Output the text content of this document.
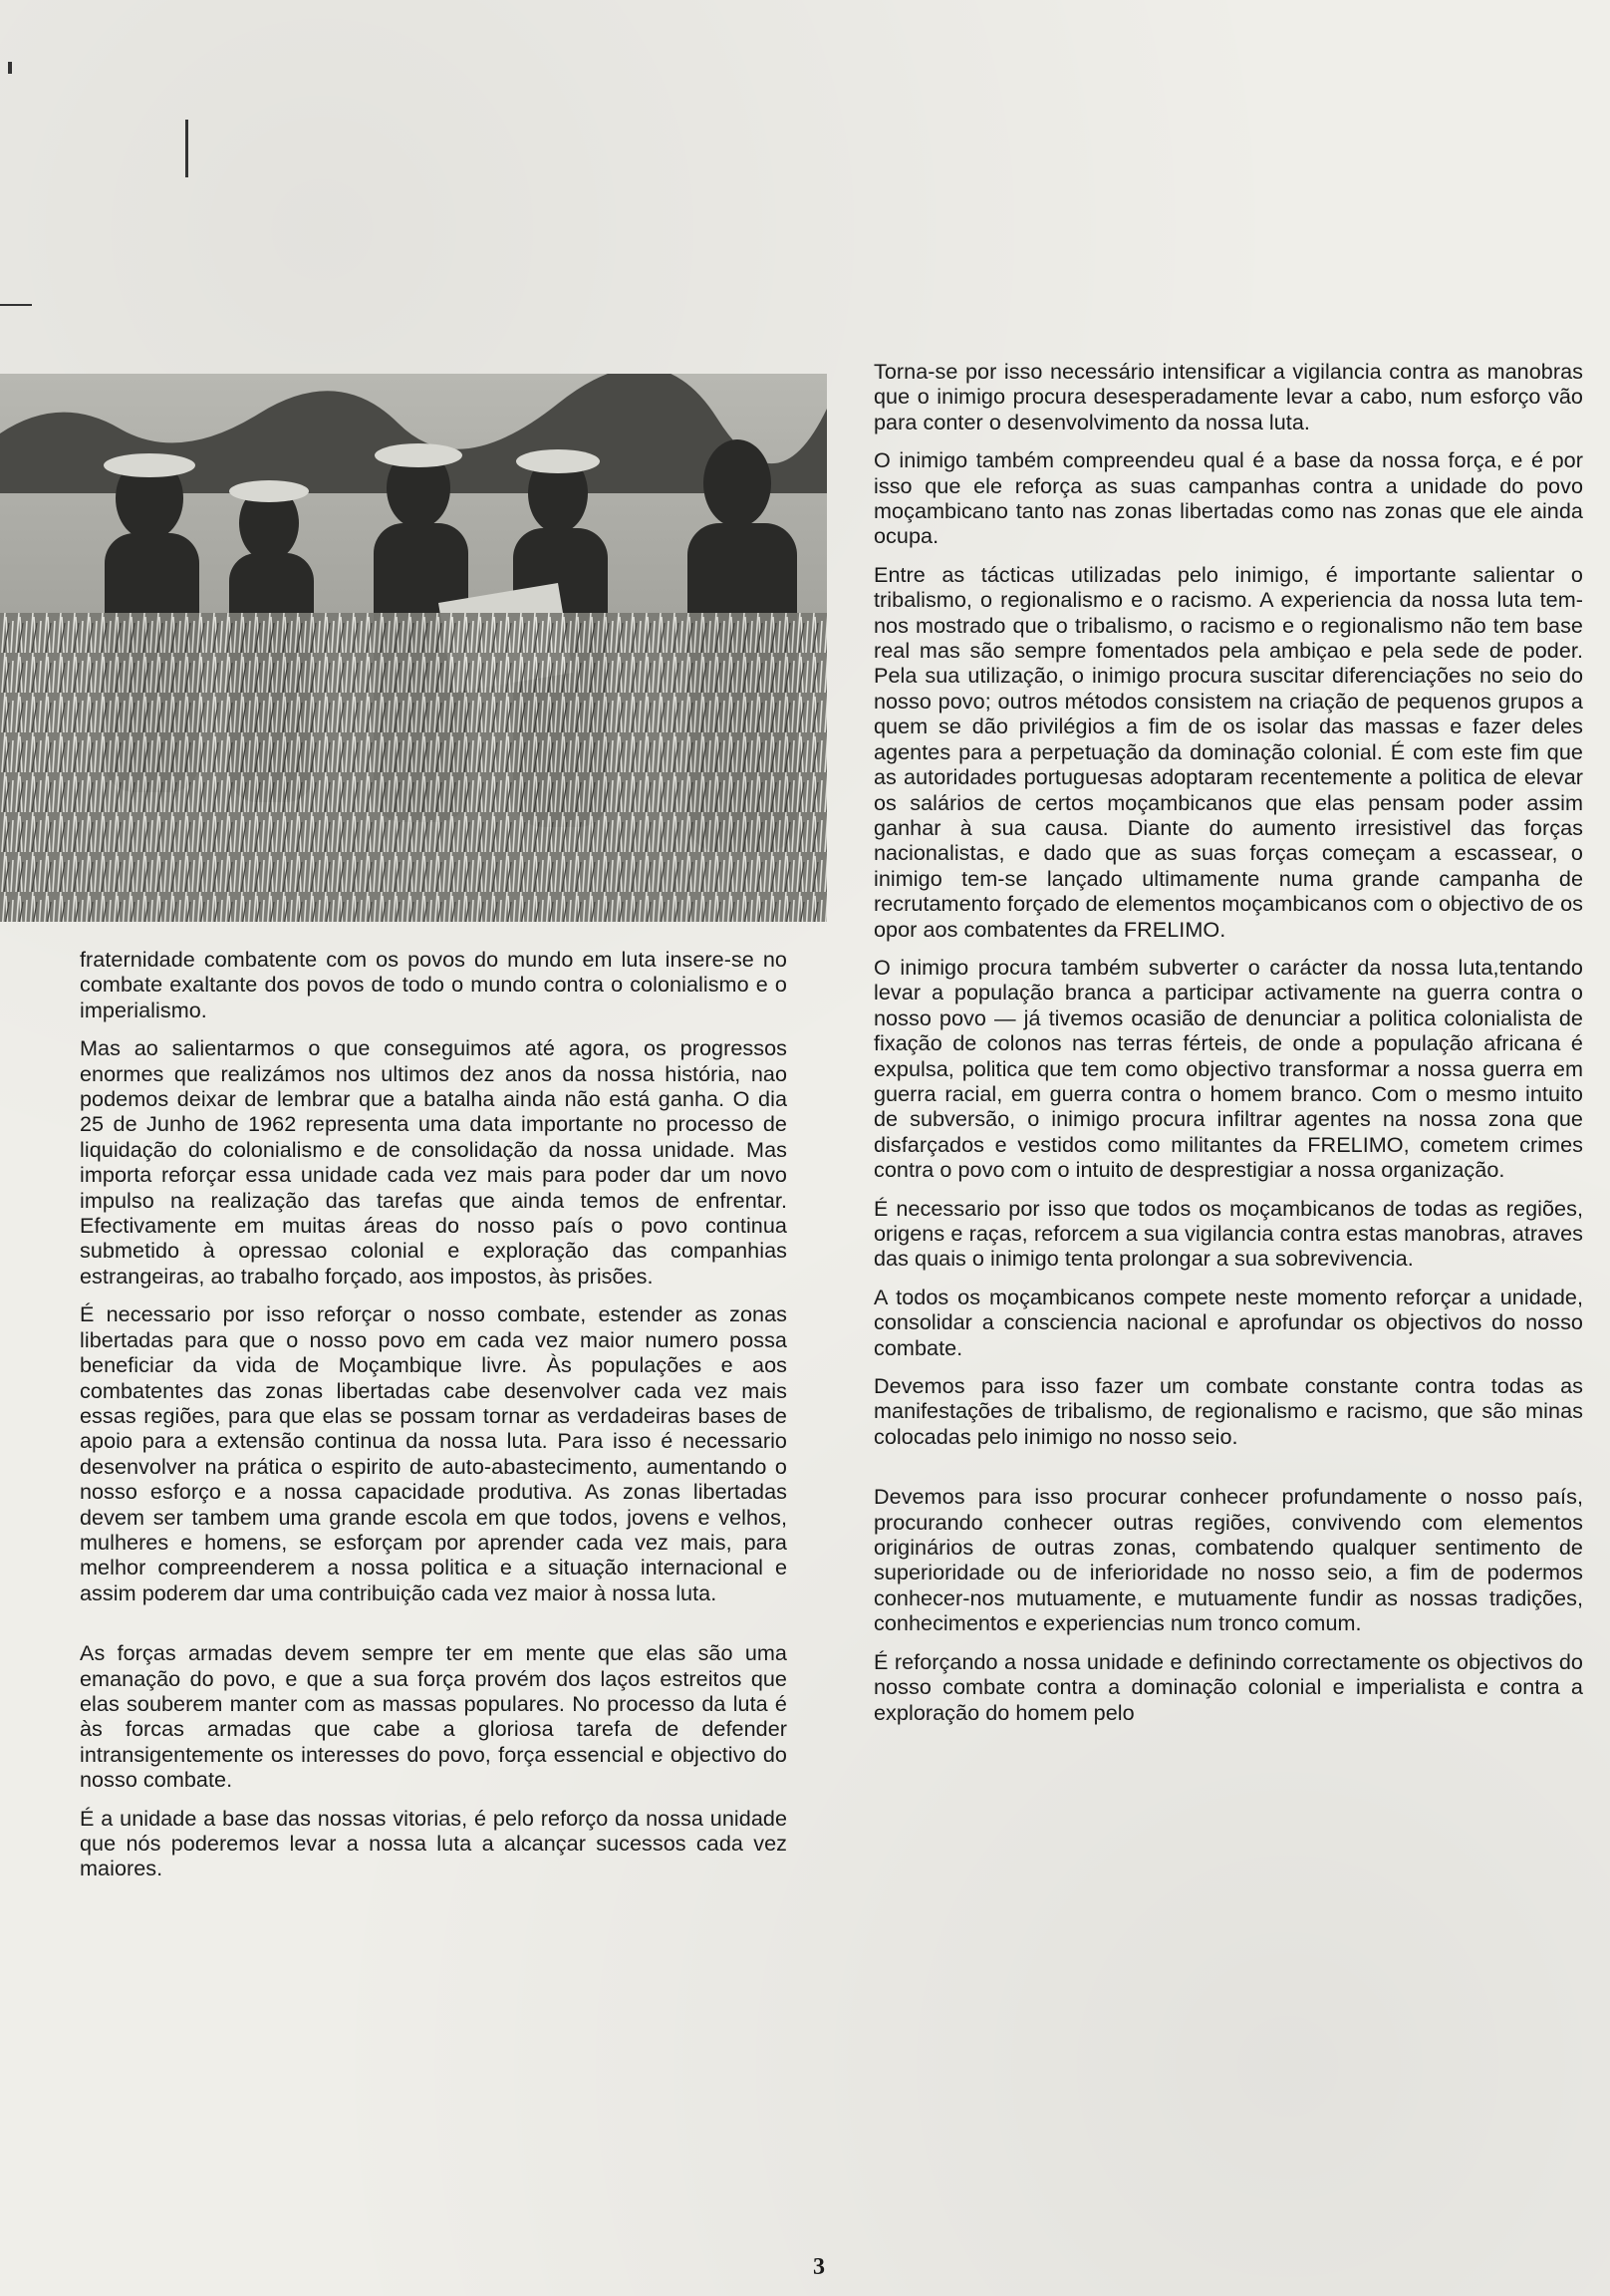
fraternidade combatente com os povos do mundo em luta insere-se no combate exaltante dos povos de todo o mundo contra o colonialismo e o imperialismo.

Mas ao salientarmos o que conseguimos até agora, os progressos enormes que realizámos nos ultimos dez anos da nossa história, nao podemos deixar de lembrar que a batalha ainda não está ganha. O dia 25 de Junho de 1962 representa uma data importante no processo de liquidação do colonialismo e de consolidação da nossa unidade. Mas importa reforçar essa unidade cada vez mais para poder dar um novo impulso na realização das tarefas que ainda temos de enfrentar. Efectivamente em muitas áreas do nosso país o povo continua submetido à opressao colonial e exploração das companhias estrangeiras, ao trabalho forçado, aos impostos, às prisões.

É necessario por isso reforçar o nosso combate, estender as zonas libertadas para que o nosso povo em cada vez maior numero possa beneficiar da vida de Moçambique livre. Às populações e aos combatentes das zonas libertadas cabe desenvolver cada vez mais essas regiões, para que elas se possam tornar as verdadeiras bases de apoio para a extensão continua da nossa luta. Para isso é necessario desenvolver na prática o espirito de auto-abastecimento, aumentando o nosso esforço e a nossa capacidade produtiva. As zonas libertadas devem ser tambem uma grande escola em que todos, jovens e velhos, mulheres e homens, se esforçam por aprender cada vez mais, para melhor compreenderem a nossa politica e a situação internacional e assim poderem dar uma contribuição cada vez maior à nossa luta.

As forças armadas devem sempre ter em mente que elas são uma emanação do povo, e que a sua força provém dos laços estreitos que elas souberem manter com as massas populares. No processo da luta é às forcas armadas que cabe a gloriosa tarefa de defender intransigentemente os interesses do povo, força essencial e objectivo do nosso combate.

É a unidade a base das nossas vitorias, é pelo reforço da nossa unidade que nós poderemos levar a nossa luta a alcançar sucessos cada vez maiores.

Torna-se por isso necessário intensificar a vigilancia contra as manobras que o inimigo procura desesperadamente levar a cabo, num esforço vão para conter o desenvolvimento da nossa luta.

O inimigo também compreendeu qual é a base da nossa força, e é por isso que ele reforça as suas campanhas contra a unidade do povo moçambicano tanto nas zonas libertadas como nas zonas que ele ainda ocupa.

Entre as tácticas utilizadas pelo inimigo, é importante salientar o tribalismo, o regionalismo e o racismo. A experiencia da nossa luta tem-nos mostrado que o tribalismo, o racismo e o regionalismo não tem base real mas são sempre fomentados pela ambiçao e pela sede de poder. Pela sua utilização, o inimigo procura suscitar diferenciações no seio do nosso povo; outros métodos consistem na criação de pequenos grupos a quem se dão privilégios a fim de os isolar das massas e fazer deles agentes para a perpetuação da dominação colonial. É com este fim que as autoridades portuguesas adoptaram recentemente a politica de elevar os salários de certos moçambicanos que elas pensam poder assim ganhar à sua causa. Diante do aumento irresistivel das forças nacionalistas, e dado que as suas forças começam a escassear, o inimigo tem-se lançado ultimamente numa grande campanha de recrutamento forçado de elementos moçambicanos com o objectivo de os opor aos combatentes da FRELIMO.

O inimigo procura também subverter o carácter da nossa luta,tentando levar a população branca a participar activamente na guerra contra o nosso povo — já tivemos ocasião de denunciar a politica colonialista de fixação de colonos nas terras férteis, de onde a população africana é expulsa, politica que tem como objectivo transformar a nossa guerra em guerra racial, em guerra contra o homem branco. Com o mesmo intuito de subversão, o inimigo procura infiltrar agentes na nossa zona que disfarçados e vestidos como militantes da FRELIMO, cometem crimes contra o povo com o intuito de desprestigiar a nossa organização.

É necessario por isso que todos os moçambicanos de todas as regiões, origens e raças, reforcem a sua vigilancia contra estas manobras, atraves das quais o inimigo tenta prolongar a sua sobrevivencia.

A todos os moçambicanos compete neste momento reforçar a unidade, consolidar a consciencia nacional e aprofundar os objectivos do nosso combate.

Devemos para isso fazer um combate constante contra todas as manifestações de tribalismo, de regionalismo e racismo, que são minas colocadas pelo inimigo no nosso seio.

Devemos para isso procurar conhecer profundamente o nosso país, procurando conhecer outras regiões, convivendo com elementos originários de outras zonas, combatendo qualquer sentimento de superioridade ou de inferioridade no nosso seio, a fim de podermos conhecer-nos mutuamente, e mutuamente fundir as nossas tradições, conhecimentos e experiencias num tronco comum.

É reforçando a nossa unidade e definindo correctamente os objectivos do nosso combate contra a dominação colonial e imperialista e contra a exploração do homem pelo

3
